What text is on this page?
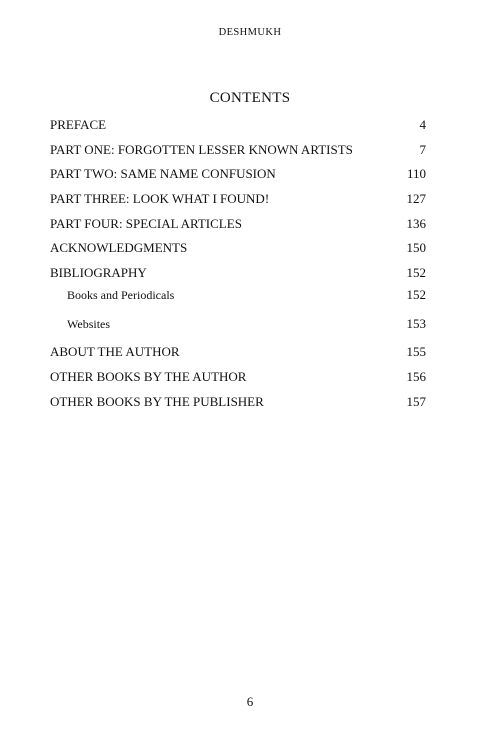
DESHMUKH
CONTENTS
PREFACE	4
PART ONE: FORGOTTEN LESSER KNOWN ARTISTS	7
PART TWO: SAME NAME CONFUSION	110
PART THREE: LOOK WHAT I FOUND!	127
PART FOUR: SPECIAL ARTICLES	136
ACKNOWLEDGMENTS	150
BIBLIOGRAPHY	152
Books and Periodicals	152
Websites	153
ABOUT THE AUTHOR	155
OTHER BOOKS BY THE AUTHOR	156
OTHER BOOKS BY THE PUBLISHER	157
6
